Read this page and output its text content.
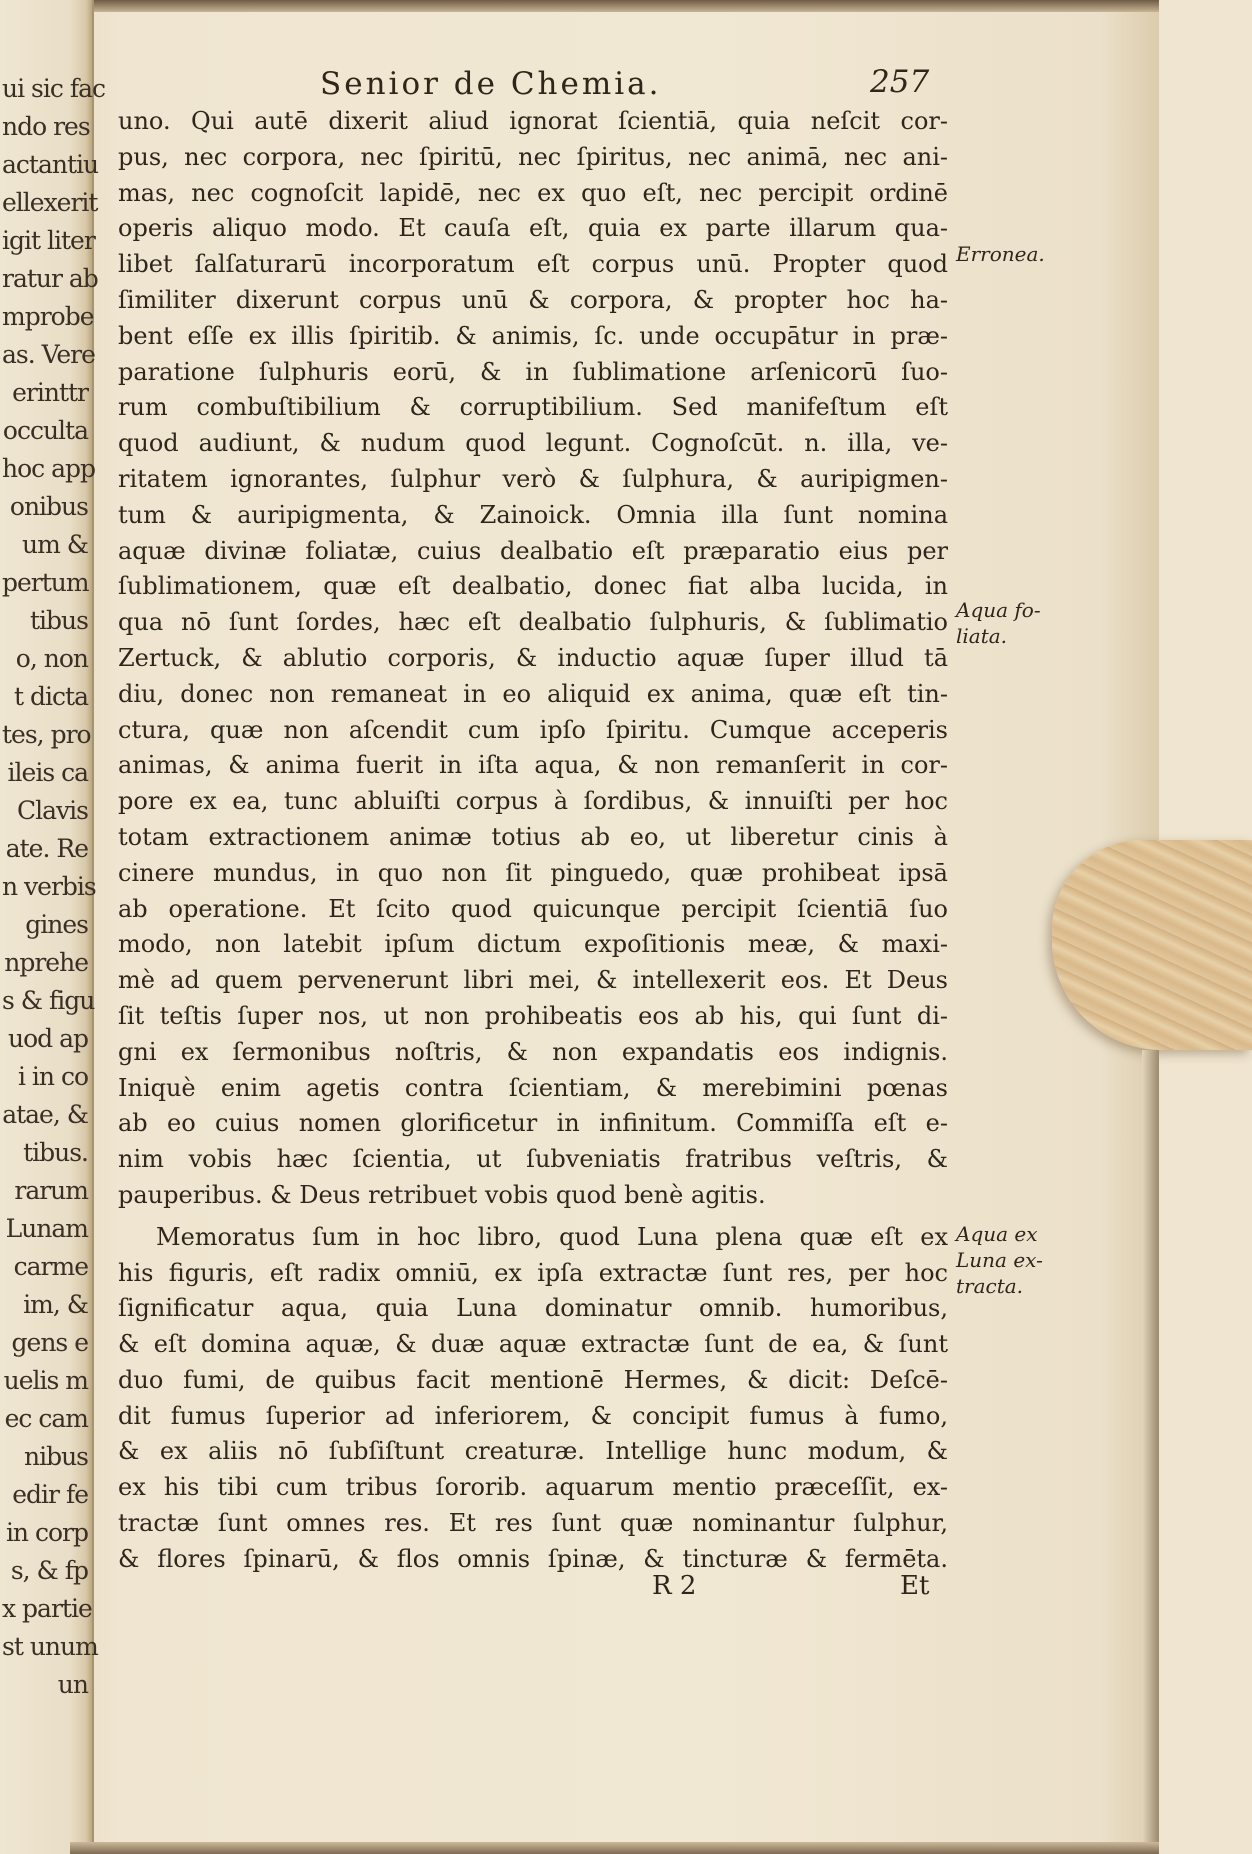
ui sic fac
ndo res
actantiu
ellexerit
igit liter
ratur ab
mprobe
as. Vere
erinttr
occulta
hoc app
onibus
um &
pertum
tibus
o, non
t dicta
tes, pro
ileis ca
Clavis
ate. Re
n verbis
gines
nprehe
s & figu
uod ap
i in co
atae, &
tibus.
rarum
Lunam
carme
im, &
gens e
uelis m
ec cam
nibus
edir fe
in corp
s, & fp
x partie
st unum
un
Senior de Chemia.	257
uno. Qui autē dixerit aliud ignorat ſcientiā, quia neſcit cor-
pus, nec corpora, nec ſpiritū, nec ſpiritus, nec animā, nec ani-
mas, nec cognoſcit lapidē, nec ex quo eſt, nec percipit ordinē
operis aliquo modo. Et cauſa eſt, quia ex parte illarum qua-
libet ſalſaturarū incorporatum eſt corpus unū. Propter quod
ſimiliter dixerunt corpus unū & corpora, & propter hoc ha-
bent eſſe ex illis ſpiritib. & animis, ſc. unde occupātur in præ-
paratione ſulphuris eorū, & in ſublimatione arſenicorū ſuo-
rum combuſtibilium & corruptibilium. Sed manifeſtum eſt
quod audiunt, & nudum quod legunt. Cognoſcūt. n. illa, ve-
ritatem ignorantes, ſulphur verò & ſulphura, & auripigmen-
tum & auripigmenta, & Zainoick. Omnia illa ſunt nomina
aquæ divinæ foliatæ, cuius dealbatio eſt præparatio eius per
ſublimationem, quæ eſt dealbatio, donec fiat alba lucida, in
qua nō ſunt ſordes, hæc eſt dealbatio ſulphuris, & ſublimatio
Zertuck, & ablutio corporis, & inductio aquæ ſuper illud tā
diu, donec non remaneat in eo aliquid ex anima, quæ eſt tin-
ctura, quæ non aſcendit cum ipſo ſpiritu. Cumque acceperis
animas, & anima fuerit in iſta aqua, & non remanſerit in cor-
pore ex ea, tunc abluiſti corpus à ſordibus, & innuiſti per hoc
totam extractionem animæ totius ab eo, ut liberetur cinis à
cinere mundus, in quo non ſit pinguedo, quæ prohibeat ipsā
ab operatione. Et ſcito quod quicunque percipit ſcientiā ſuo
modo, non latebit ipſum dictum expoſitionis meæ, & maxi-
mè ad quem pervenerunt libri mei, & intellexerit eos. Et Deus
ſit teſtis ſuper nos, ut non prohibeatis eos ab his, qui ſunt di-
gni ex ſermonibus noſtris, & non expandatis eos indignis.
Iniquè enim agetis contra ſcientiam, & merebimini pœnas
ab eo cuius nomen glorificetur in infinitum. Commiſſa eſt e-
nim vobis hæc ſcientia, ut ſubveniatis fratribus veſtris, &
pauperibus. & Deus retribuet vobis quod benè agitis.
Memoratus ſum in hoc libro, quod Luna plena quæ eſt ex
his figuris, eſt radix omniū, ex ipſa extractæ ſunt res, per hoc
ſignificatur aqua, quia Luna dominatur omnib. humoribus,
& eſt domina aquæ, & duæ aquæ extractæ ſunt de ea, & ſunt
duo fumi, de quibus facit mentionē Hermes, & dicit: Deſcē-
dit fumus ſuperior ad inferiorem, & concipit fumus à fumo,
& ex aliis nō ſubſiſtunt creaturæ. Intellige hunc modum, &
ex his tibi cum tribus ſororib. aquarum mentio præceſſit, ex-
tractæ ſunt omnes res. Et res ſunt quæ nominantur ſulphur,
& flores ſpinarū, & flos omnis ſpinæ, & tincturæ & fermēta.
Erronea.
Aqua fo-
liata.
Aqua ex
Luna ex-
tracta.
R 2	Et
